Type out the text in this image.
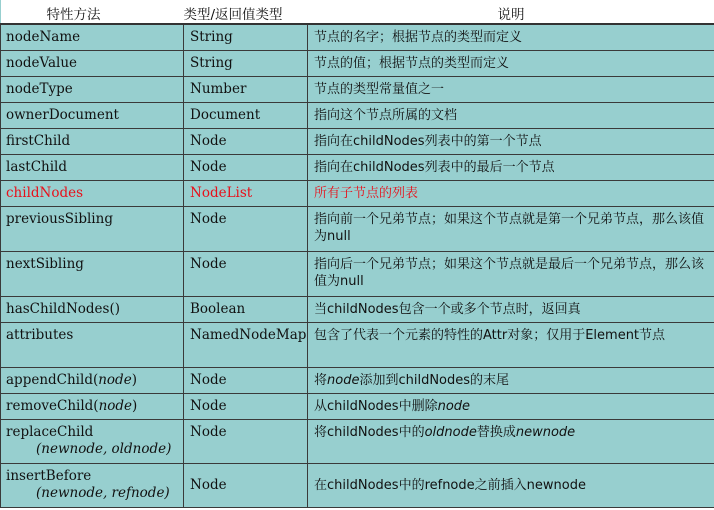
特性方法	类型/返回值类型	说明
nodeName	String	节点的名字；根据节点的类型而定义
nodeValue	String	节点的值；根据节点的类型而定义
nodeType	Number	节点的类型常量值之一
ownerDocument	Document	指向这个节点所属的文档
firstChild	Node	指向在childNodes列表中的第一个节点
lastChild	Node	指向在childNodes列表中的最后一个节点
childNodes	NodeList	所有子节点的列表
previousSibling	Node	指向前一个兄弟节点；如果这个节点就是第一个兄弟节点，那么该值为null
nextSibling	Node	指向后一个兄弟节点；如果这个节点就是最后一个兄弟节点，那么该值为null
hasChildNodes()	Boolean	当childNodes包含一个或多个节点时，返回真
attributes	NamedNodeMap	包含了代表一个元素的特性的Attr对象；仅用于Element节点
appendChild(node)	Node	将node添加到childNodes的末尾
removeChild(node)	Node	从childNodes中删除node
replaceChild
(newnode, oldnode)	Node	将childNodes中的oldnode替换成newnode
insertBefore
(newnode, refnode)	Node	在childNodes中的refnode之前插入newnode
